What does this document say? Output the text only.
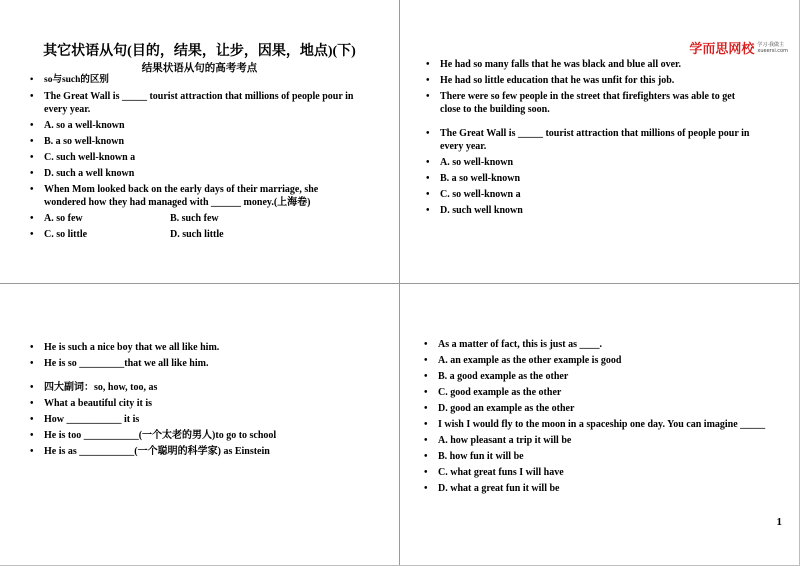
其它状语从句(目的，结果，让步，因果，地点)(下)
结果状语从句的高考考点
• so与such的区别
• The Great Wall is _____ tourist attraction that millions of people pour in every year.
• A. so a well-known
• B. a so well-known
• C. such well-known a
• D. such a well known
• When Mom looked back on the early days of their marriage, she wondered how they had managed with ______ money.(上海卷)
• A. so few	B. such few
• C. so little	D. such little
学而思网校 学习·我做主
xueersi.com
• He had so many falls that he was black and blue all over.
• He had so little education that he was unfit for this job.
• There were so few people in the street that firefighters was able to get close to the building soon.
• The Great Wall is _____ tourist attraction that millions of people pour in every year.
• A. so well-known
• B. a so well-known
• C. so well-known a
• D. such well known
• He is such a nice boy that we all like him.
• He is so _________that we all like him.
• 四大副词：so, how, too, as
• What a beautiful city it is
• How ___________ it is
• He is too ___________(一个太老的男人)to go to school
• He is as ___________(一个聪明的科学家) as Einstein
• As a matter of fact, this is just as ____.
• A. an example as the other example is good
• B. a good example as the other
• C. good example as the other
• D. good an example as the other
• I wish I would fly to the moon in a spaceship one day. You can imagine _____
• A. how pleasant a trip it will be
• B. how fun it will be
• C. what great funs I will have
• D. what a great fun it will be
1
